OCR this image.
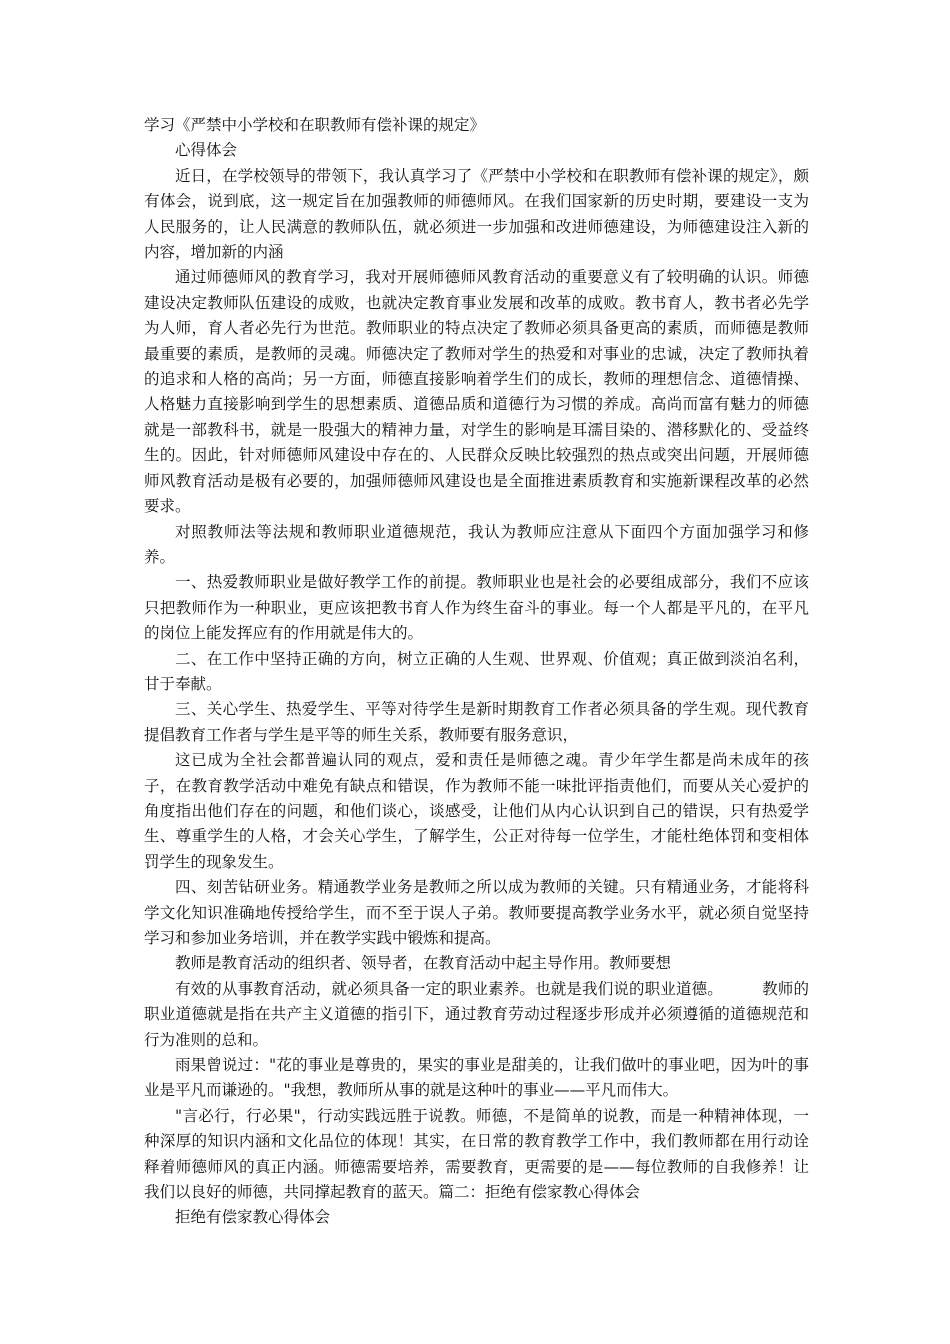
学习《严禁中小学校和在职教师有偿补课的规定》

心得体会

近日，在学校领导的带领下，我认真学习了《严禁中小学校和在职教师有偿补课的规定》，颇有体会，说到底，这一规定旨在加强教师的师德师风。在我们国家新的历史时期，要建设一支为人民服务的，让人民满意的教师队伍，就必须进一步加强和改进师德建设，为师德建设注入新的内容，增加新的内涵

通过师德师风的教育学习，我对开展师德师风教育活动的重要意义有了较明确的认识。师德建设决定教师队伍建设的成败，也就决定教育事业发展和改革的成败。教书育人，教书者必先学为人师，育人者必先行为世范。教师职业的特点决定了教师必须具备更高的素质，而师德是教师最重要的素质，是教师的灵魂。师德决定了教师对学生的热爱和对事业的忠诚，决定了教师执着的追求和人格的高尚；另一方面，师德直接影响着学生们的成长，教师的理想信念、道德情操、人格魅力直接影响到学生的思想素质、道德品质和道德行为习惯的养成。高尚而富有魅力的师德就是一部教科书，就是一股强大的精神力量，对学生的影响是耳濡目染的、潜移默化的、受益终生的。因此，针对师德师风建设中存在的、人民群众反映比较强烈的热点或突出问题，开展师德师风教育活动是极有必要的，加强师德师风建设也是全面推进素质教育和实施新课程改革的必然要求。

对照教师法等法规和教师职业道德规范，我认为教师应注意从下面四个方面加强学习和修养。

一、热爱教师职业是做好教学工作的前提。教师职业也是社会的必要组成部分，我们不应该只把教师作为一种职业，更应该把教书育人作为终生奋斗的事业。每一个人都是平凡的，在平凡的岗位上能发挥应有的作用就是伟大的。

二、在工作中坚持正确的方向，树立正确的人生观、世界观、价值观；真正做到淡泊名利，甘于奉献。

三、关心学生、热爱学生、平等对待学生是新时期教育工作者必须具备的学生观。现代教育提倡教育工作者与学生是平等的师生关系，教师要有服务意识，

这已成为全社会都普遍认同的观点，爱和责任是师德之魂。青少年学生都是尚未成年的孩子，在教育教学活动中难免有缺点和错误，作为教师不能一味批评指责他们，而要从关心爱护的角度指出他们存在的问题，和他们谈心，谈感受，让他们从内心认识到自己的错误，只有热爱学生、尊重学生的人格，才会关心学生，了解学生，公正对待每一位学生，才能杜绝体罚和变相体罚学生的现象发生。

四、刻苦钻研业务。精通教学业务是教师之所以成为教师的关键。只有精通业务，才能将科学文化知识准确地传授给学生，而不至于误人子弟。教师要提高教学业务水平，就必须自觉坚持学习和参加业务培训，并在教学实践中锻炼和提高。

教师是教育活动的组织者、领导者，在教育活动中起主导作用。教师要想

有效的从事教育活动，就必须具备一定的职业素养。也就是我们说的职业道德。　　　教师的职业道德就是指在共产主义道德的指引下，通过教育劳动过程逐步形成并必须遵循的道德规范和行为准则的总和。

雨果曾说过："花的事业是尊贵的，果实的事业是甜美的，让我们做叶的事业吧，因为叶的事业是平凡而谦逊的。"我想，教师所从事的就是这种叶的事业——平凡而伟大。

"言必行，行必果"，行动实践远胜于说教。师德，不是简单的说教，而是一种精神体现，一种深厚的知识内涵和文化品位的体现！其实，在日常的教育教学工作中，我们教师都在用行动诠释着师德师风的真正内涵。师德需要培养，需要教育，更需要的是——每位教师的自我修养！让我们以良好的师德，共同撑起教育的蓝天。篇二：拒绝有偿家教心得体会

拒绝有偿家教心得体会
